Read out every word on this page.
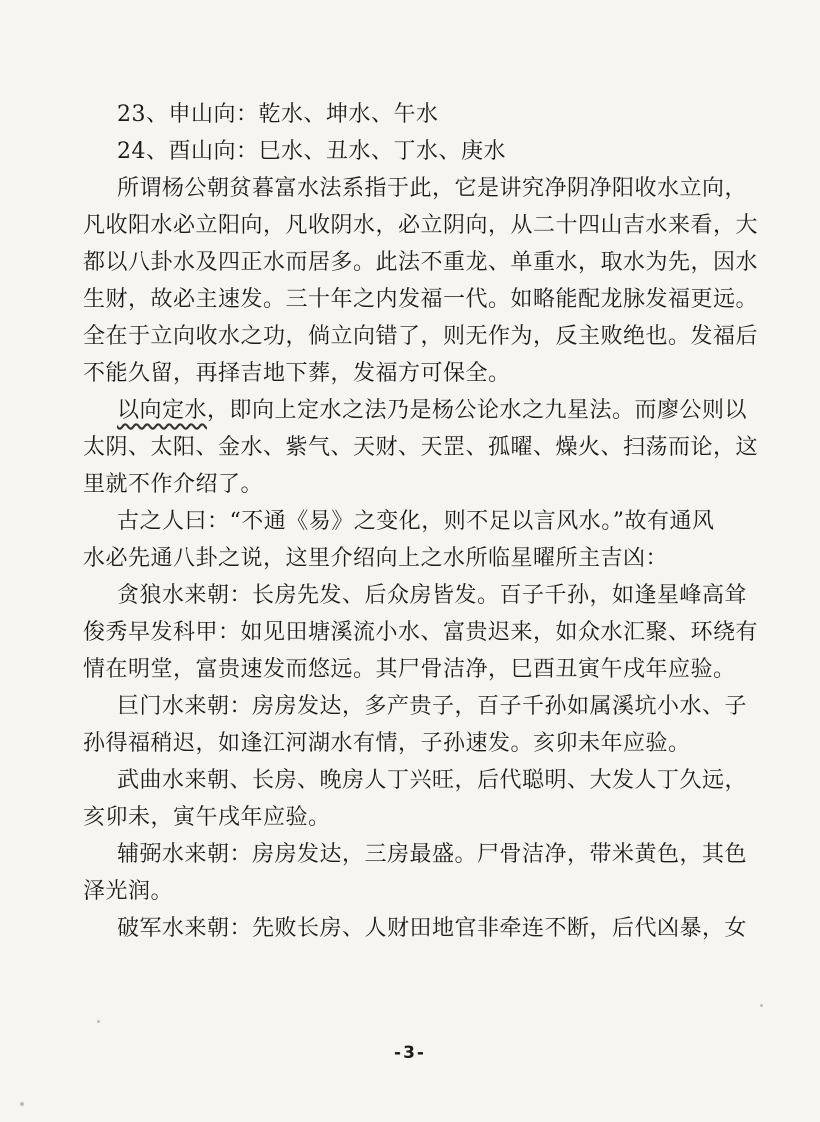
23、申山向：乾水、坤水、午水
24、酉山向：巳水、丑水、丁水、庚水
所谓杨公朝贫暮富水法系指于此，它是讲究净阴净阳收水立向，
凡收阳水必立阳向，凡收阴水，必立阴向，从二十四山吉水来看，大
都以八卦水及四正水而居多。此法不重龙、单重水，取水为先，因水
生财，故必主速发。三十年之内发福一代。如略能配龙脉发福更远。
全在于立向收水之功，倘立向错了，则无作为，反主败绝也。发福后
不能久留，再择吉地下葬，发福方可保全。
以向定水，即向上定水之法乃是杨公论水之九星法。而廖公则以
太阴、太阳、金水、紫气、天财、天罡、孤曜、燥火、扫荡而论，这
里就不作介绍了。
古之人曰：“不通《易》之变化，则不足以言风水。”故有通风
水必先通八卦之说，这里介绍向上之水所临星曜所主吉凶：
贪狼水来朝：长房先发、后众房皆发。百子千孙，如逢星峰高耸
俊秀早发科甲：如见田塘溪流小水、富贵迟来，如众水汇聚、环绕有
情在明堂，富贵速发而悠远。其尸骨洁净，巳酉丑寅午戌年应验。
巨门水来朝：房房发达，多产贵子，百子千孙如属溪坑小水、子
孙得福稍迟，如逢江河湖水有情，子孙速发。亥卯未年应验。
武曲水来朝、长房、晚房人丁兴旺，后代聪明、大发人丁久远，
亥卯未，寅午戌年应验。
辅弼水来朝：房房发达，三房最盛。尸骨洁净，带米黄色，其色
泽光润。
破军水来朝：先败长房、人财田地官非牵连不断，后代凶暴，女
-3-
